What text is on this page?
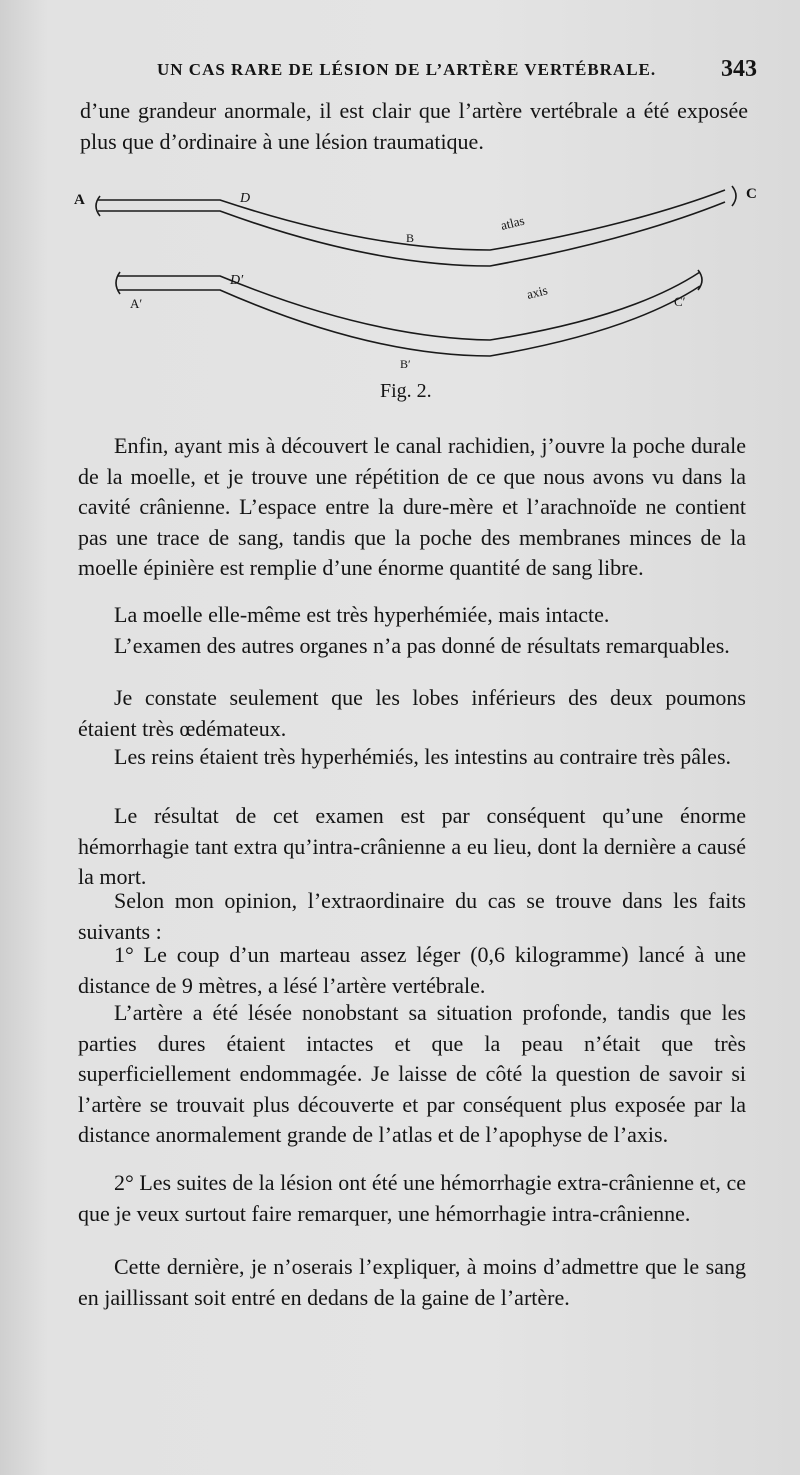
UN CAS RARE DE LÉSION DE L’ARTÈRE VERTÉBRALE.	343
d’une grandeur anormale, il est clair que l’artère vertébrale a été exposée plus que d’ordinaire à une lésion traumatique.
A	C
D
B
atlas
A′
D′
axis	C′
B′
Fig. 2.
Enfin, ayant mis à découvert le canal rachidien, j’ouvre la poche durale de la moelle, et je trouve une répétition de ce que nous avons vu dans la cavité crânienne. L’espace entre la dure-mère et l’arachnoïde ne contient pas une trace de sang, tandis que la poche des membranes minces de la moelle épinière est remplie d’une énorme quantité de sang libre.
La moelle elle-même est très hyperhémiée, mais intacte.
L’examen des autres organes n’a pas donné de résultats remarquables.
Je constate seulement que les lobes inférieurs des deux poumons étaient très œdémateux.
Les reins étaient très hyperhémiés, les intestins au contraire très pâles.
Le résultat de cet examen est par conséquent qu’une énorme hémorrhagie tant extra qu’intra-crânienne a eu lieu, dont la dernière a causé la mort.
Selon mon opinion, l’extraordinaire du cas se trouve dans les faits suivants :
1° Le coup d’un marteau assez léger (0,6 kilogramme) lancé à une distance de 9 mètres, a lésé l’artère vertébrale.
L’artère a été lésée nonobstant sa situation profonde, tandis que les parties dures étaient intactes et que la peau n’était que très superficiellement endommagée. Je laisse de côté la question de savoir si l’artère se trouvait plus découverte et par conséquent plus exposée par la distance anormalement grande de l’atlas et de l’apophyse de l’axis.
2° Les suites de la lésion ont été une hémorrhagie extra-crânienne et, ce que je veux surtout faire remarquer, une hémorrhagie intra-crânienne.
Cette dernière, je n’oserais l’expliquer, à moins d’admettre que le sang en jaillissant soit entré en dedans de la gaine de l’artère.
